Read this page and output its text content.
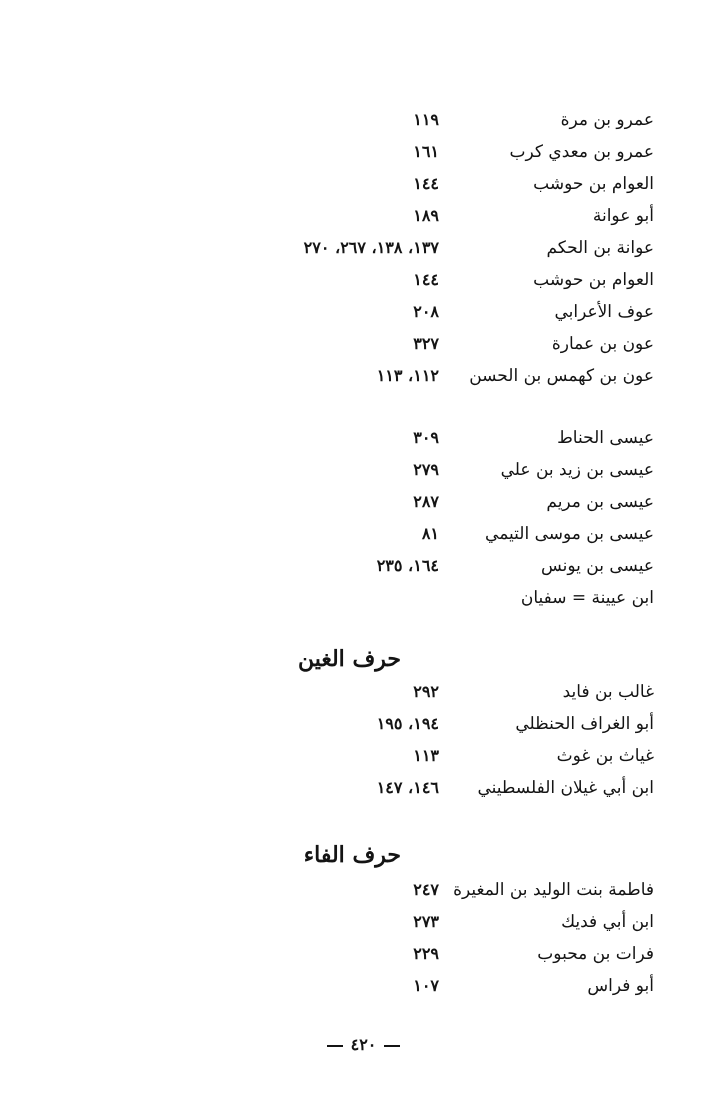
عمرو بن مرة
١١٩
عمرو بن معدي كرب
١٦١
العوام بن حوشب
١٤٤
أبو عوانة
١٨٩
عوانة بن الحكم
١٣٧، ١٣٨، ٢٦٧، ٢٧٠
العوام بن حوشب
١٤٤
عوف الأعرابي
٢٠٨
عون بن عمارة
٣٢٧
عون بن كهمس بن الحسن
١١٢، ١١٣
عيسى الحناط
٣٠٩
عيسى بن زيد بن علي
٢٧٩
عيسى بن مريم
٢٨٧
عيسى بن موسى التيمي
٨١
عيسى بن يونس
١٦٤، ٢٣٥
ابن عيينة = سفيان
حرف الغين
غالب بن فايد
٢٩٢
أبو الغراف الحنظلي
١٩٤، ١٩٥
غياث بن غوث
١١٣
ابن أبي غيلان الفلسطيني
١٤٦، ١٤٧
حرف الفاء
فاطمة بنت الوليد بن المغيرة
٢٤٧
ابن أبي فديك
٢٧٣
فرات بن محبوب
٢٢٩
أبو فراس
١٠٧
٤٢٠
